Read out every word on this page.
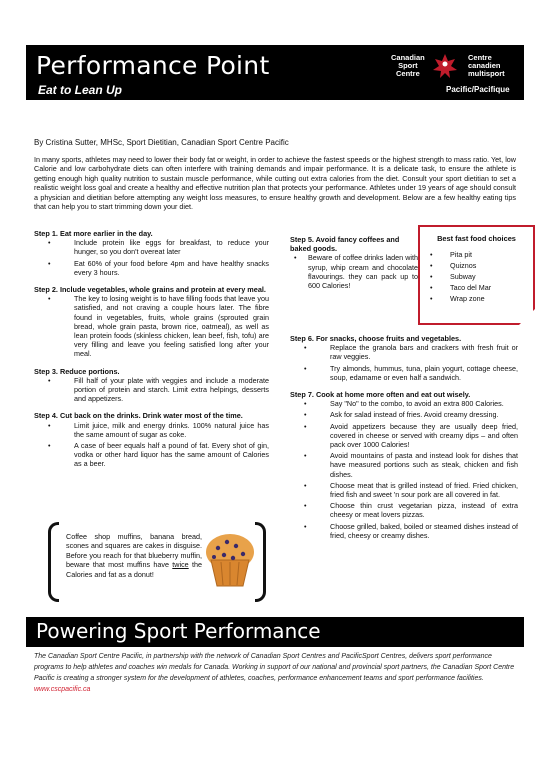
Performance Point
Eat to Lean Up
Canadian
Sport
Centre
Centre
canadien
multisport
Pacific/Pacifique
By Cristina Sutter, MHSc, Sport Dietitian, Canadian Sport Centre Pacific
In many sports, athletes may need to lower their body fat or weight, in order to achieve the fastest speeds or the highest strength to mass ratio. Yet, low Calorie and low carbohydrate diets can often interfere with training demands and impair performance. It is a delicate task, to ensure the athlete is getting enough high quality nutrition to sustain muscle performance, while cutting out extra calories from the diet. Consult your sport dietitian to set a realistic weight loss goal and create a healthy and effective nutrition plan that protects your performance. Athletes under 19 years of age should consult a physician and dietitian before attempting any weight loss measures, to ensure healthy growth and development. Below are a few healthy eating tips that can help you to start trimming down your diet.
Step 1. Eat more earlier in the day.
• Include protein like eggs for breakfast, to reduce your hunger, so you don't overeat later
• Eat 60% of your food before 4pm and have healthy snacks every 3 hours.
Step 2. Include vegetables, whole grains and protein at every meal.
• The key to losing weight is to have filling foods that leave you satisfied, and not craving a couple hours later. The fibre found in vegetables, fruits, whole grains (sprouted grain bread, whole grain pasta, brown rice, oatmeal), as well as lean protein foods (skinless chicken, lean beef, fish, tofu) are very filling and leave you feeling satisfied long after your meal.
Step 3. Reduce portions.
• Fill half of your plate with veggies and include a moderate portion of protein and starch. Limit extra helpings, desserts and appetizers.
Step 4. Cut back on the drinks. Drink water most of the time.
• Limit juice, milk and energy drinks. 100% natural juice has the same amount of sugar as coke.
• A case of beer equals half a pound of fat. Every shot of gin, vodka or other hard liquor has the same amount of Calories as a beer.
Step 5. Avoid fancy coffees and baked goods.
• Beware of coffee drinks laden with syrup, whip cream and chocolate flavourings. they can pack up to 600 Calories!
Best fast food choices
• Pita pit
• Quiznos
• Subway
• Taco del Mar
• Wrap zone
Step 6. For snacks, choose fruits and vegetables.
• Replace the granola bars and crackers with fresh fruit or raw veggies.
• Try almonds, hummus, tuna, plain yogurt, cottage cheese, soup, edamame or even half a sandwich.
Step 7. Cook at home more often and eat out wisely.
• Say "No" to the combo, to avoid an extra 800 Calories.
• Ask for salad instead of fries. Avoid creamy dressing.
• Avoid appetizers because they are usually deep fried, covered in cheese or served with creamy dips – and often pack over 1000 Calories!
• Avoid mountains of pasta and instead look for dishes that have measured portions such as steak, chicken and fish dishes.
• Choose meat that is grilled instead of fried. Fried chicken, fried fish and sweet 'n sour pork are all covered in fat.
• Choose thin crust vegetarian pizza, instead of extra cheesy or meat lovers pizzas.
• Choose grilled, baked, boiled or steamed dishes instead of fried, cheesy or creamy dishes.
Coffee shop muffins, banana bread, scones and squares are cakes in disguise. Before you reach for that blueberry muffin, beware that most muffins have twice the Calories and fat as a donut!
Powering Sport Performance
The Canadian Sport Centre Pacific, in partnership with the network of Canadian Sport Centres and PacificSport Centres, delivers sport performance programs to help athletes and coaches win medals for Canada. Working in support of our national and provincial sport partners, the Canadian Sport Centre Pacific is creating a stronger system for the development of athletes, coaches, performance enhancement teams and sport performance facilities. www.cscpacific.ca
